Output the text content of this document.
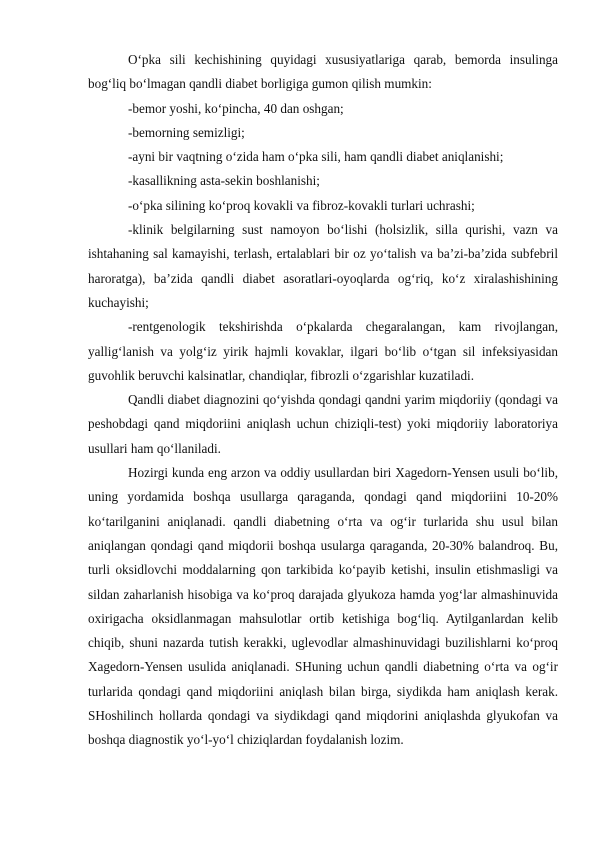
O‘pka sili kechishining quyidagi xususiyatlariga qarab, bemorda insulinga bog‘liq bo‘lmagan qandli diabet borligiga gumon qilish mumkin:

-bemor yoshi, ko‘pincha, 40 dan oshgan;

-bemorning semizligi;

-ayni bir vaqtning o‘zida ham o‘pka sili, ham qandli diabet aniqlanishi;

-kasallikning asta-sekin boshlanishi;

-o‘pka silining ko‘proq kovakli va fibroz-kovakli turlari uchrashi;

-klinik belgilarning sust namoyon bo‘lishi (holsizlik, silla qurishi, vazn va ishtahaning sal kamayishi, terlash, ertalablari bir oz yo‘talish va ba’zi-ba’zida subfebril haroratga), ba’zida qandli diabet asoratlari-oyoqlarda og‘riq, ko‘z xiralashishining kuchayishi;

-rentgenologik tekshirishda o‘pkalarda chegaralangan, kam rivojlangan, yallig‘lanish va yolg‘iz yirik hajmli kovaklar, ilgari bo‘lib o‘tgan sil infeksiyasidan guvohlik beruvchi kalsinatlar, chandiqlar, fibrozli o‘zgarishlar kuzatiladi.

Qandli diabet diagnozini qo‘yishda qondagi qandni yarim miqdoriiy (qondagi va peshobdagi qand miqdoriini aniqlash uchun chiziqli-test) yoki miqdoriiy laboratoriya usullari ham qo‘llaniladi.

Hozirgi kunda eng arzon va oddiy usullardan biri Xagedorn-Yensen usuli bo‘lib, uning yordamida boshqa usullarga qaraganda, qondagi qand miqdoriini 10-20% ko‘tarilganini aniqlanadi. qandli diabetning o‘rta va og‘ir turlarida shu usul bilan aniqlangan qondagi qand miqdorii boshqa usularga qaraganda, 20-30% balandroq. Bu, turli oksidlovchi moddalarning qon tarkibida ko‘payib ketishi, insulin etishmasligi va sildan zaharlanish hisobiga va ko‘proq darajada glyukoza hamda yog‘lar almashinuvida oxirigacha oksidlanmagan mahsulotlar ortib ketishiga bog‘liq. Aytilganlardan kelib chiqib, shuni nazarda tutish kerakki, uglevodlar almashinuvidagi buzilishlarni ko‘proq Xagedorn-Yensen usulida aniqlanadi. SHuning uchun qandli diabetning o‘rta va og‘ir turlarida qondagi qand miqdoriini aniqlash bilan birga, siydikda ham aniqlash kerak. SHoshilinch hollarda qondagi va siydikdagi qand miqdorini aniqlashda glyukofan va boshqa diagnostik yo‘l-yo‘l chiziqlardan foydalanish lozim.
